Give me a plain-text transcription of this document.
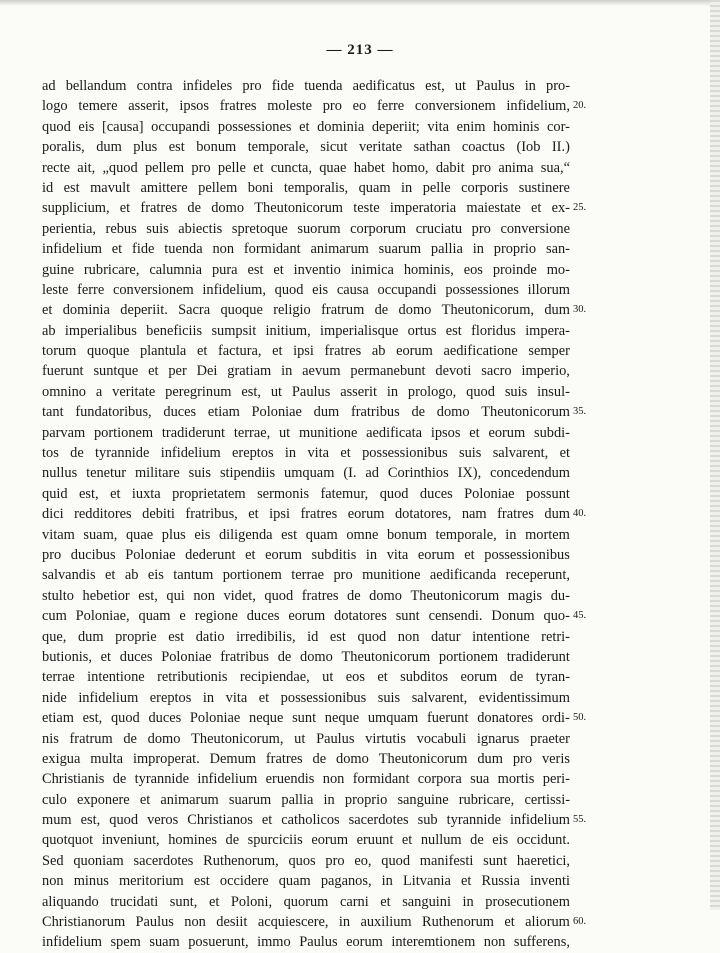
— 213 —
ad bellandum contra infideles pro fide tuenda aedificatus est, ut Paulus in pro-
logo temere asserit, ipsos fratres moleste pro eo ferre conversionem infidelium,
quod eis [causa] occupandi possessiones et dominia deperiit; vita enim hominis cor-
poralis, dum plus est bonum temporale, sicut veritate sathan coactus (Iob II.)
recte ait, „quod pellem pro pelle et cuncta, quae habet homo, dabit pro anima sua,“
id est mavult amittere pellem boni temporalis, quam in pelle corporis sustinere
supplicium, et fratres de domo Theutonicorum teste imperatoria maiestate et ex-
perientia, rebus suis abiectis spretoque suorum corporum cruciatu pro conversione
infidelium et fide tuenda non formidant animarum suarum pallia in proprio san-
guine rubricare, calumnia pura est et inventio inimica hominis, eos proinde mo-
leste ferre conversionem infidelium, quod eis causa occupandi possessiones illorum
et dominia deperiit. Sacra quoque religio fratrum de domo Theutonicorum, dum
ab imperialibus beneficiis sumpsit initium, imperialisque ortus est floridus impera-
torum quoque plantula et factura, et ipsi fratres ab eorum aedificatione semper
fuerunt suntque et per Dei gratiam in aevum permanebunt devoti sacro imperio,
omnino a veritate peregrinum est, ut Paulus asserit in prologo, quod suis insul-
tant fundatoribus, duces etiam Poloniae dum fratribus de domo Theutonicorum
parvam portionem tradiderunt terrae, ut munitione aedificata ipsos et eorum subdi-
tos de tyrannide infidelium ereptos in vita et possessionibus suis salvarent, et
nullus tenetur militare suis stipendiis umquam (I. ad Corinthios IX), concedendum
quid est, et iuxta proprietatem sermonis fatemur, quod duces Poloniae possunt
dici redditores debiti fratribus, et ipsi fratres eorum dotatores, nam fratres dum
vitam suam, quae plus eis diligenda est quam omne bonum temporale, in mortem
pro ducibus Poloniae dederunt et eorum subditis in vita eorum et possessionibus
salvandis et ab eis tantum portionem terrae pro munitione aedificanda receperunt,
stulto hebetior est, qui non videt, quod fratres de domo Theutonicorum magis du-
cum Poloniae, quam e regione duces eorum dotatores sunt censendi. Donum quo-
que, dum proprie est datio irredibilis, id est quod non datur intentione retri-
butionis, et duces Poloniae fratribus de domo Theutonicorum portionem tradiderunt
terrae intentione retributionis recipiendae, ut eos et subditos eorum de tyran-
nide infidelium ereptos in vita et possessionibus suis salvarent, evidentissimum
etiam est, quod duces Poloniae neque sunt neque umquam fuerunt donatores ordi-
nis fratrum de domo Theutonicorum, ut Paulus virtutis vocabuli ignarus praeter
exigua multa improperat. Demum fratres de domo Theutonicorum dum pro veris
Christianis de tyrannide infidelium eruendis non formidant corpora sua mortis peri-
culo exponere et animarum suarum pallia in proprio sanguine rubricare, certissi-
mum est, quod veros Christianos et catholicos sacerdotes sub tyrannide infidelium
quotquot inveniunt, homines de spurciciis eorum eruunt et nullum de eis occidunt.
Sed quoniam sacerdotes Ruthenorum, quos pro eo, quod manifesti sunt haeretici,
non minus meritorium est occidere quam paganos, in Litvania et Russia inventi
aliquando trucidati sunt, et Poloni, quorum carni et sanguini in prosecutionem
Christianorum Paulus non desiit acquiescere, in auxilium Ruthenorum et aliorum
infidelium spem suam posuerunt, immo Paulus eorum interemtionem non sufferens,
20.
25.
30.
35.
40.
45.
50.
55.
60.
